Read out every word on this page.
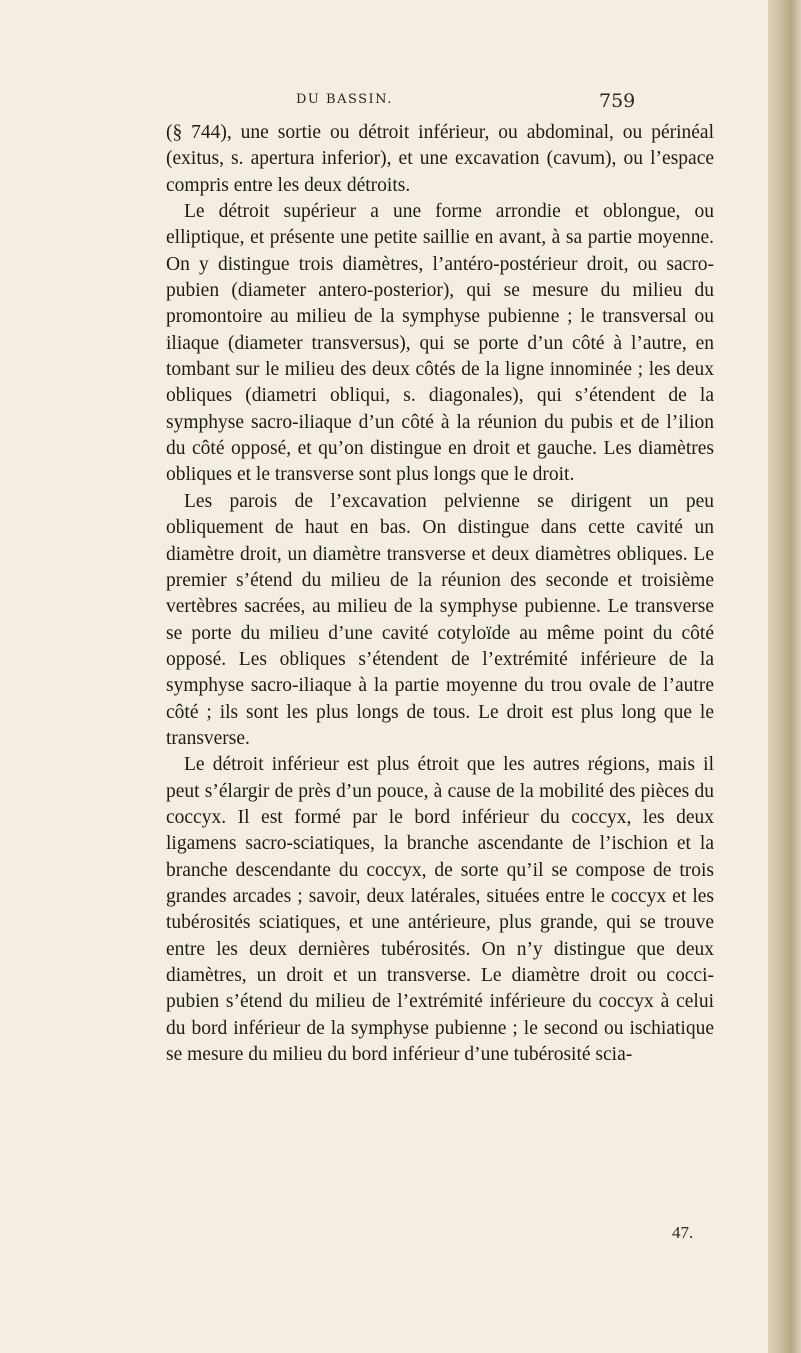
DU BASSIN.	759

(§ 744), une sortie ou détroit inférieur, ou abdominal, ou périnéal (exitus, s. apertura inferior), et une excavation (cavum), ou l’espace compris entre les deux détroits.

Le détroit supérieur a une forme arrondie et oblongue, ou elliptique, et présente une petite saillie en avant, à sa partie moyenne. On y distingue trois diamètres, l’antéro-postérieur droit, ou sacro-pubien (diameter antero-posterior), qui se mesure du milieu du promontoire au milieu de la symphyse pubienne ; le transversal ou iliaque (diameter transversus), qui se porte d’un côté à l’autre, en tombant sur le milieu des deux côtés de la ligne innominée ; les deux obliques (diametri obliqui, s. diagonales), qui s’étendent de la symphyse sacro-iliaque d’un côté à la réunion du pubis et de l’ilion du côté opposé, et qu’on distingue en droit et gauche. Les diamètres obliques et le transverse sont plus longs que le droit.

Les parois de l’excavation pelvienne se dirigent un peu obliquement de haut en bas. On distingue dans cette cavité un diamètre droit, un diamètre transverse et deux diamètres obliques. Le premier s’étend du milieu de la réunion des seconde et troisième vertèbres sacrées, au milieu de la symphyse pubienne. Le transverse se porte du milieu d’une cavité cotyloïde au même point du côté opposé. Les obliques s’étendent de l’extrémité inférieure de la symphyse sacro-iliaque à la partie moyenne du trou ovale de l’autre côté ; ils sont les plus longs de tous. Le droit est plus long que le transverse.

Le détroit inférieur est plus étroit que les autres régions, mais il peut s’élargir de près d’un pouce, à cause de la mobilité des pièces du coccyx. Il est formé par le bord inférieur du coccyx, les deux ligamens sacro-sciatiques, la branche ascendante de l’ischion et la branche descendante du coccyx, de sorte qu’il se compose de trois grandes arcades ; savoir, deux latérales, situées entre le coccyx et les tubérosités sciatiques, et une antérieure, plus grande, qui se trouve entre les deux dernières tubérosités. On n’y distingue que deux diamètres, un droit et un transverse. Le diamètre droit ou cocci-pubien s’étend du milieu de l’extrémité inférieure du coccyx à celui du bord inférieur de la symphyse pubienne ; le second ou ischiatique se mesure du milieu du bord inférieur d’une tubérosité scia-

47.
